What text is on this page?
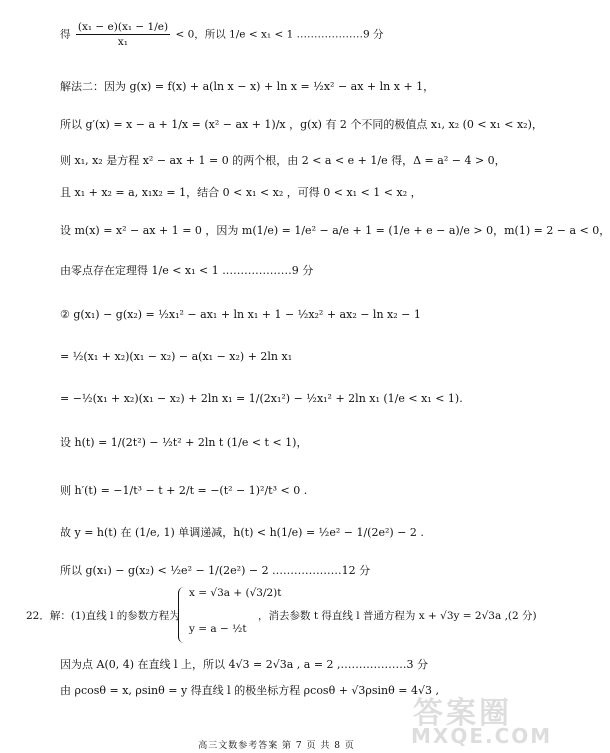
得 $\frac{\text{(x₁ − e)(x₁ − 1/e)}}{\text{x₁}} < 0$，所以 1/e < x₁ < 1 .………………9 分
解法二：因为 g(x) = f(x) + a(ln x − x) + ln x = ½x² − ax + ln x + 1，
所以 g′(x) = x − a + 1/x = (x² − ax + 1)/x ，g(x) 有 2 个不同的极值点 x₁, x₂ (0 < x₁ < x₂)，
则 x₁, x₂ 是方程 x² − ax + 1 = 0 的两个根，由 2 < a < e + 1/e 得，Δ = a² − 4 > 0，
且 x₁ + x₂ = a, x₁x₂ = 1，结合 0 < x₁ < x₂ ，可得 0 < x₁ < 1 < x₂ ，
设 m(x) = x² − ax + 1 = 0 ，因为 m(1/e) = 1/e² − a/e + 1 = (1/e + e − a)/e > 0，m(1) = 2 − a < 0，
由零点存在定理得 1/e < x₁ < 1 .………………9 分
② g(x₁) − g(x₂) = ½x₁² − ax₁ + ln x₁ + 1 − ½x₂² + ax₂ − ln x₂ − 1
= ½(x₁ + x₂)(x₁ − x₂) − a(x₁ − x₂) + 2ln x₁
= −½(x₁ + x₂)(x₁ − x₂) + 2ln x₁ = 1/(2x₁²) − ½x₁² + 2ln x₁ (1/e < x₁ < 1).
设 h(t) = 1/(2t²) − ½t² + 2ln t (1/e < t < 1)，
则 h′(t) = −1/t³ − t + 2/t = −(t² − 1)²/t³ < 0 .
故 y = h(t) 在 (1/e, 1) 单调递减，h(t) < h(1/e) = ½e² − 1/(2e²) − 2 .
所以 g(x₁) − g(x₂) < ½e² − 1/(2e²) − 2 .………………12 分
22．解：(1)直线 l 的参数方程为
x = √3a + (√3/2)t
y = a − ½t
，消去参数 t 得直线 l 普通方程为 x + √3y = 2√3a ,(2 分)
因为点 A(0, 4) 在直线 l 上，所以 4√3 = 2√3a , a = 2 ,………………3 分
由 ρcosθ = x, ρsinθ = y 得直线 l 的极坐标方程 ρcosθ + √3ρsinθ = 4√3 ,
答案圈
MXQE.COM
高三文数参考答案 第 7 页 共 8 页
